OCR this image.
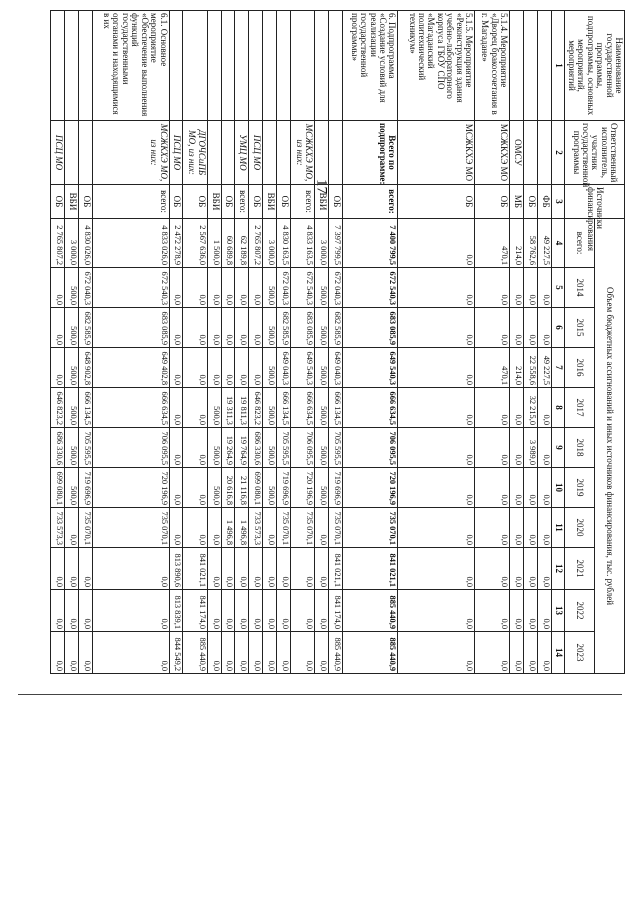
17
Наименование государственной программы, подпрограммы, основных мероприятий, мероприятий	Ответственный исполнитель, участник государственной программы	Источники финансирования	Объем бюджетных ассигнований и иных источников финансирования, тыс. рублей										
			всего:	2014	2015	2016	2017	2018	2019	2020	2021	2022	2023
1	2	3	4	5	6	7	8	9	10	11	12	13	14
		ФБ	49 227,5	0,0	0,0	49 227,5	0,0	0,0	0,0	0,0	0,0	0,0	0,0
		ОБ	58 762,6	0,0	0,0	22 558,6	32 215,0	3 989,0	0,0	0,0	0,0	0,0	0,0
	ОМСУ	МБ	214,0	0,0	0,0	214,0	0,0	0,0	0,0	0,0	0,0	0,0	0,0
5.1.4. Мероприятие «Дворец бракосочетания в г. Магадане»	МСЖКХЭ МО	ОБ	470,1	0,0	0,0	470,1	0,0	0,0	0,0	0,0	0,0	0,0	0,0
5.1.5. Мероприятие «Реконструкция здания учебно-лабораторного корпуса ГБОУ СПО «Магаданский политехнический техникум»	МСЖКХЭ МО	ОБ	0,0	0,0	0,0	0,0	0,0	0,0	0,0	0,0	0,0	0,0	0,0
6. Подпрограмма «Создание условий для реализации государственной программы»	Всего по подпрограмме:	всего:	7 400 799,5	672 540,3	683 085,9	649 540,3	666 634,5	706 095,5	720 196,9	735 070,1	841 021,1	885 440,9	885 440,9
		ОБ	7 397 799,5	672 040,3	682 585,9	649 040,3	666 134,5	705 595,5	719 696,9	735 070,1	841 021,1	841 174,0	885 440,9
		ВБИ	3 000,0	500,0	500,0	500,0	500,0	500,0	500,0	0,0	0,0	0,0	0,0
	МСЖКХЭ МО, из них:	всего:	4 833 163,5	672 540,3	683 085,9	649 540,3	666 634,5	706 095,5	720 196,9	735 070,1	0,0	0,0	0,0
		ОБ	4 830 163,5	672 040,3	682 585,9	649 040,3	666 134,5	705 595,5	719 696,9	735 070,1	0,0	0,0	0,0
		ВБИ	3 000,0	500,0	500,0	500,0	500,0	500,0	500,0	0,0	0,0	0,0	0,0
	ПСЦ МО	ОБ	2 765 807,2	0,0	0,0	0,0	646 823,2	686 330,6	699 080,1	733 573,3	0,0	0,0	0,0
	УМЦ МО	всего:	62 189,8	0,0	0,0	0,0	19 811,3	19 764,9	21 116,8	1 496,8	0,0	0,0	0,0
		ОБ	60 689,8	0,0	0,0	0,0	19 311,3	19 264,9	20 616,8	1 496,8	0,0	0,0	0,0
		ВБИ	1 500,0	0,0	0,0	0,0	500,0	500,0	500,0	0,0	0,0	0,0	0,0
	ДГОЧСиПБ МО, из них:	ОБ	2 567 636,0	0,0	0,0	0,0	0,0	0,0	0,0	0,0	841 021,1	841 174,0	885 440,9
	ПСЦ МО	ОБ	2 472 278,9	0,0	0,0	0,0	0,0	0,0	0,0	0,0	813 890,6	813 839,1	844 549,2
6.1. Основное мероприятие «Обеспечение выполнения функций государственными органами и находящимися в их	МСЖКХЭ МО, из них:	всего:	4 833 026,0	672 540,3	683 085,9	649 402,8	666 634,5	706 095,5	720 196,9	735 070,1	0,0	0,0	0,0
		ОБ	4 830 026,0	672 040,3	682 585,9	648 902,8	666 134,5	705 595,5	719 696,9	735 070,1	0,0	0,0	0,0
		ВБИ	3 000,0	500,0	500,0	500,0	500,0	500,0	500,0	0,0	0,0	0,0	0,0
	ПСЦ МО	ОБ	2 765 807,2	0,0	0,0	0,0	646 823,2	686 330,6	699 080,1	733 573,3	0,0	0,0	0,0
